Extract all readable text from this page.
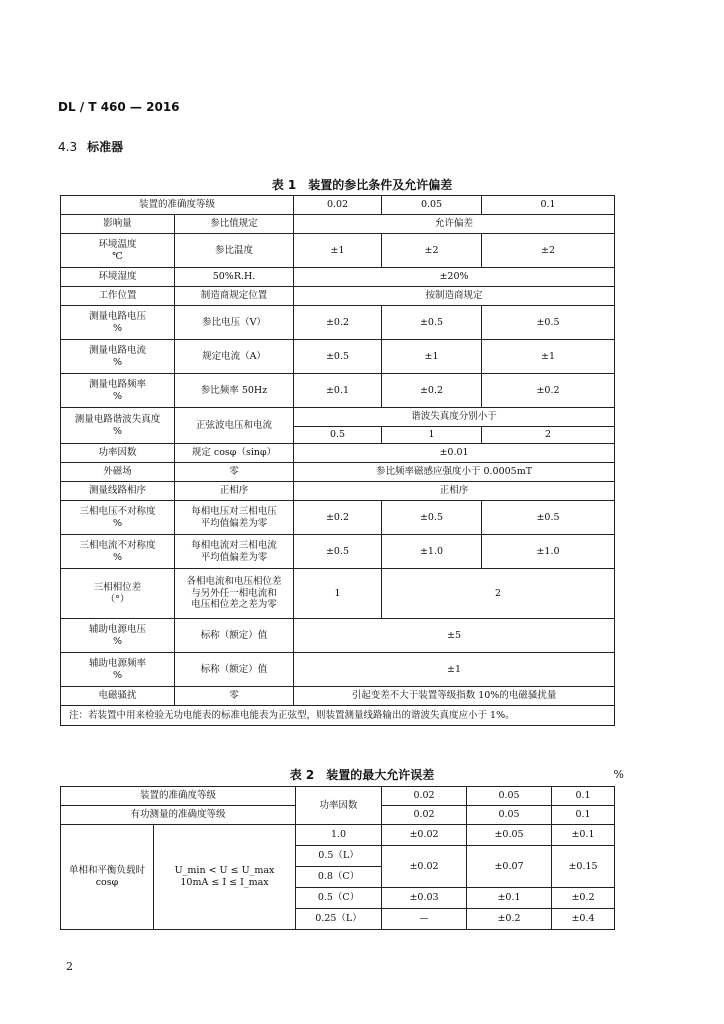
DL / T 460 — 2016
4.3 标准器
表 1 装置的参比条件及允许偏差
装置的准确度等级		0.02	0.05	0.1
影响量	参比值规定	允许偏差		
环境温度
℃	参比温度	±1	±2	±2
环境湿度	50%R.H.	±20%		
工作位置	制造商规定位置	按制造商规定		
测量电路电压
%	参比电压（V）	±0.2	±0.5	±0.5
测量电路电流
%	规定电流（A）	±0.5	±1	±1
测量电路频率
%	参比频率 50Hz	±0.1	±0.2	±0.2
测量电路谐波失真度
%	正弦波电压和电流	谐波失真度分别小于		
		0.5	1	2
功率因数	规定 cosφ（sinφ）	±0.01		
外磁场	零	参比频率磁感应强度小于 0.0005mT		
测量线路相序	正相序	正相序		
三相电压不对称度
%	每相电压对三相电压
平均值偏差为零	±0.2	±0.5	±0.5
三相电流不对称度
%	每相电流对三相电流
平均值偏差为零	±0.5	±1.0	±1.0
三相相位差
（°）	各相电流和电压相位差
与另外任一相电流和
电压相位差之差为零	1	2	
辅助电源电压
%	标称（额定）值	±5		
辅助电源频率
%	标称（额定）值	±1		
电磁骚扰	零	引起变差不大于装置等级指数 10%的电磁骚扰量		
注：若装置中用来检验无功电能表的标准电能表为正弦型，则装置测量线路输出的谐波失真度应小于 1%。				
表 2 装置的最大允许误差	%
装置的准确度等级		功率因数	0.02	0.05	0.1
有功测量的准确度等级			0.02	0.05	0.1
单相和平衡负载时 cosφ	U_min < U ≤ U_max
10mA ≤ I ≤ I_max	1.0	±0.02	±0.05	±0.1
		0.5（L）	±0.02	±0.07	±0.15
		0.8（C）			
		0.5（C）	±0.03	±0.1	±0.2
		0.25（L）	—	±0.2	±0.4
2
